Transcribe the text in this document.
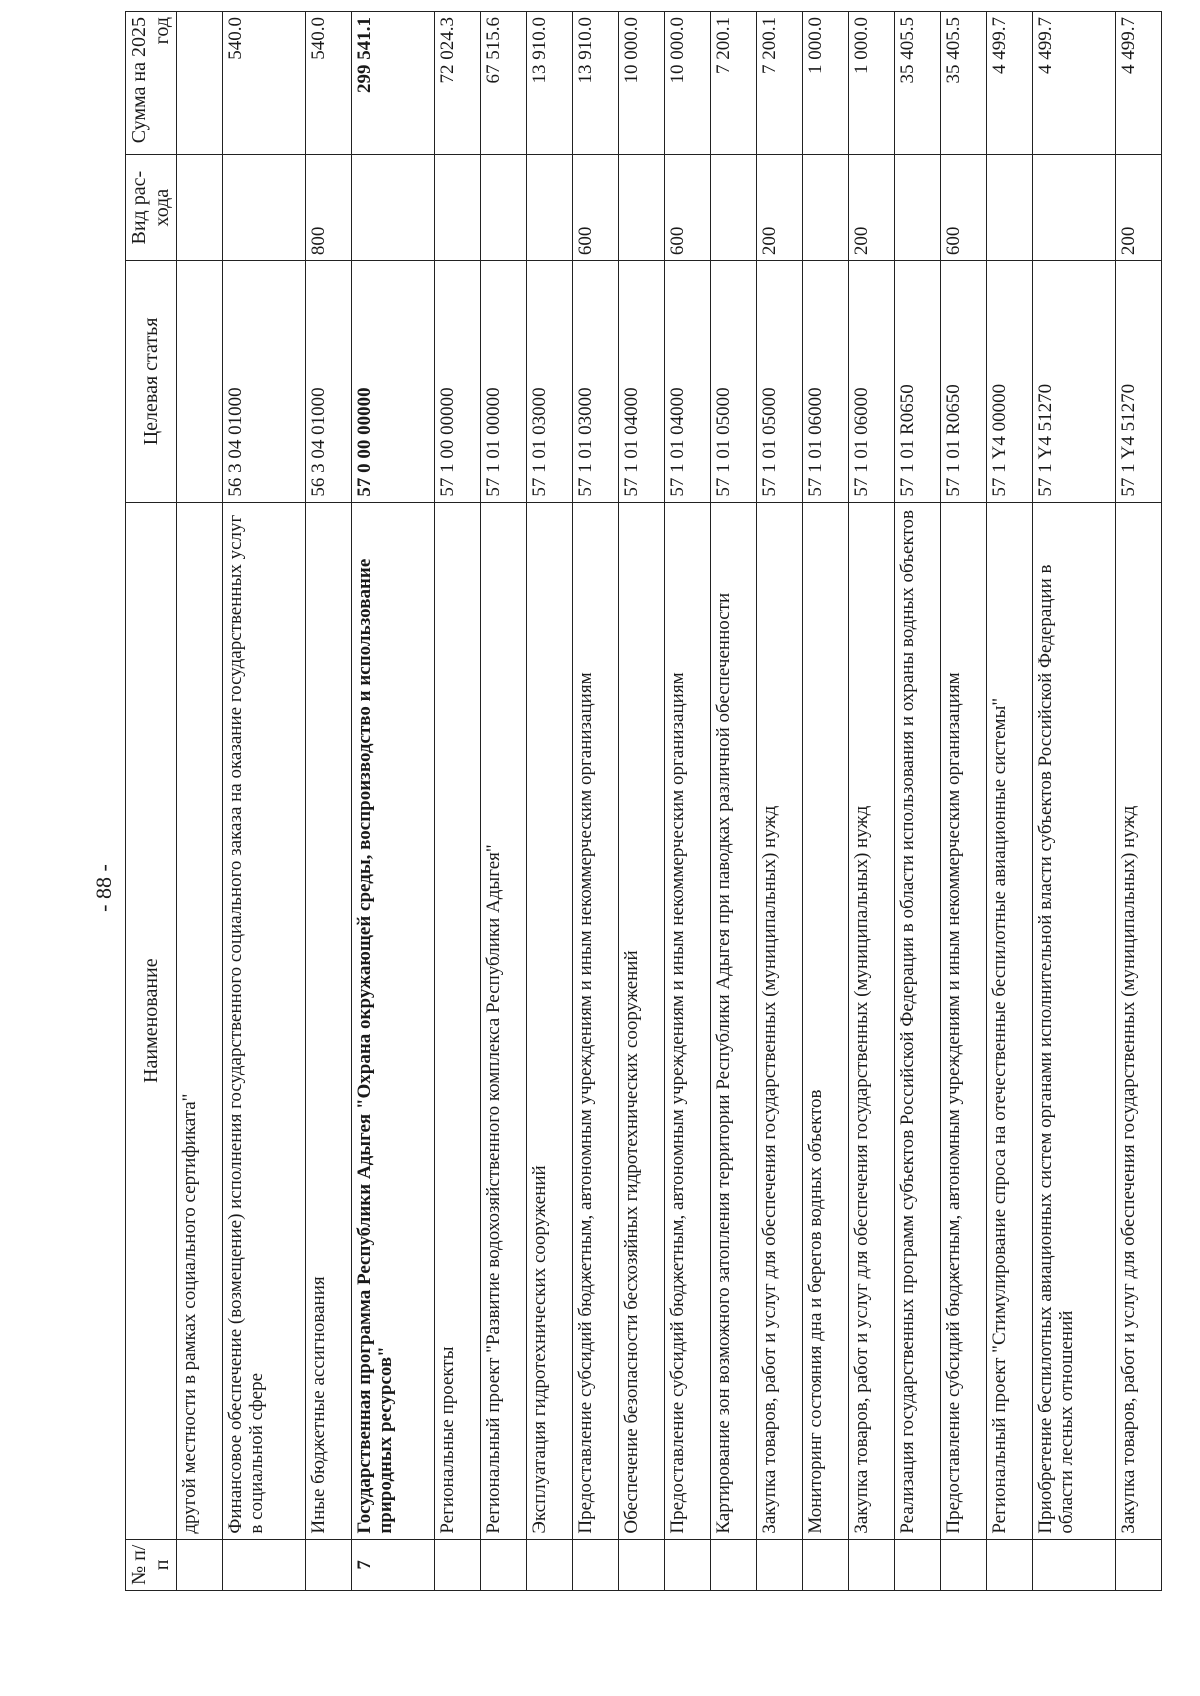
- 88 -
№ п/п	Наименование	Целевая статья	Вид рас- хода	Сумма на 2025 год
	другой местности в рамках социального сертификата"			
	Финансовое обеспечение (возмещение) исполнения государственного социального заказа на оказание государственных услуг в социальной сфере	56 3 04 01000		540.0
	Иные бюджетные ассигнования	56 3 04 01000	800	540.0
7	Государственная программа Республики Адыгея "Охрана окружающей среды, воспроизводство и использование природных ресурсов"	57 0 00 00000		299 541.1
	Региональные проекты	57 1 00 00000		72 024.3
	Региональный проект "Развитие водохозяйственного комплекса Республики Адыгея"	57 1 01 00000		67 515.6
	Эксплуатация гидротехнических сооружений	57 1 01 03000		13 910.0
	Предоставление субсидий бюджетным, автономным учреждениям и иным некоммерческим организациям	57 1 01 03000	600	13 910.0
	Обеспечение безопасности бесхозяйных гидротехнических сооружений	57 1 01 04000		10 000.0
	Предоставление субсидий бюджетным, автономным учреждениям и иным некоммерческим организациям	57 1 01 04000	600	10 000.0
	Картирование зон возможного затопления территории Республики Адыгея при паводках различной обеспеченности	57 1 01 05000		7 200.1
	Закупка товаров, работ и услуг для обеспечения государственных (муниципальных) нужд	57 1 01 05000	200	7 200.1
	Мониторинг состояния дна и берегов водных объектов	57 1 01 06000		1 000.0
	Закупка товаров, работ и услуг для обеспечения государственных (муниципальных) нужд	57 1 01 06000	200	1 000.0
	Реализация государственных программ субъектов Российской Федерации в области использования и охраны водных объектов	57 1 01 R0650		35 405.5
	Предоставление субсидий бюджетным, автономным учреждениям и иным некоммерческим организациям	57 1 01 R0650	600	35 405.5
	Региональный проект "Стимулирование спроса на отечественные беспилотные авиационные системы"	57 1 Y4 00000		4 499.7
	Приобретение беспилотных авиационных систем органами исполнительной власти субъектов Российской Федерации в области лесных отношений	57 1 Y4 51270		4 499.7
	Закупка товаров, работ и услуг для обеспечения государственных (муниципальных) нужд	57 1 Y4 51270	200	4 499.7
